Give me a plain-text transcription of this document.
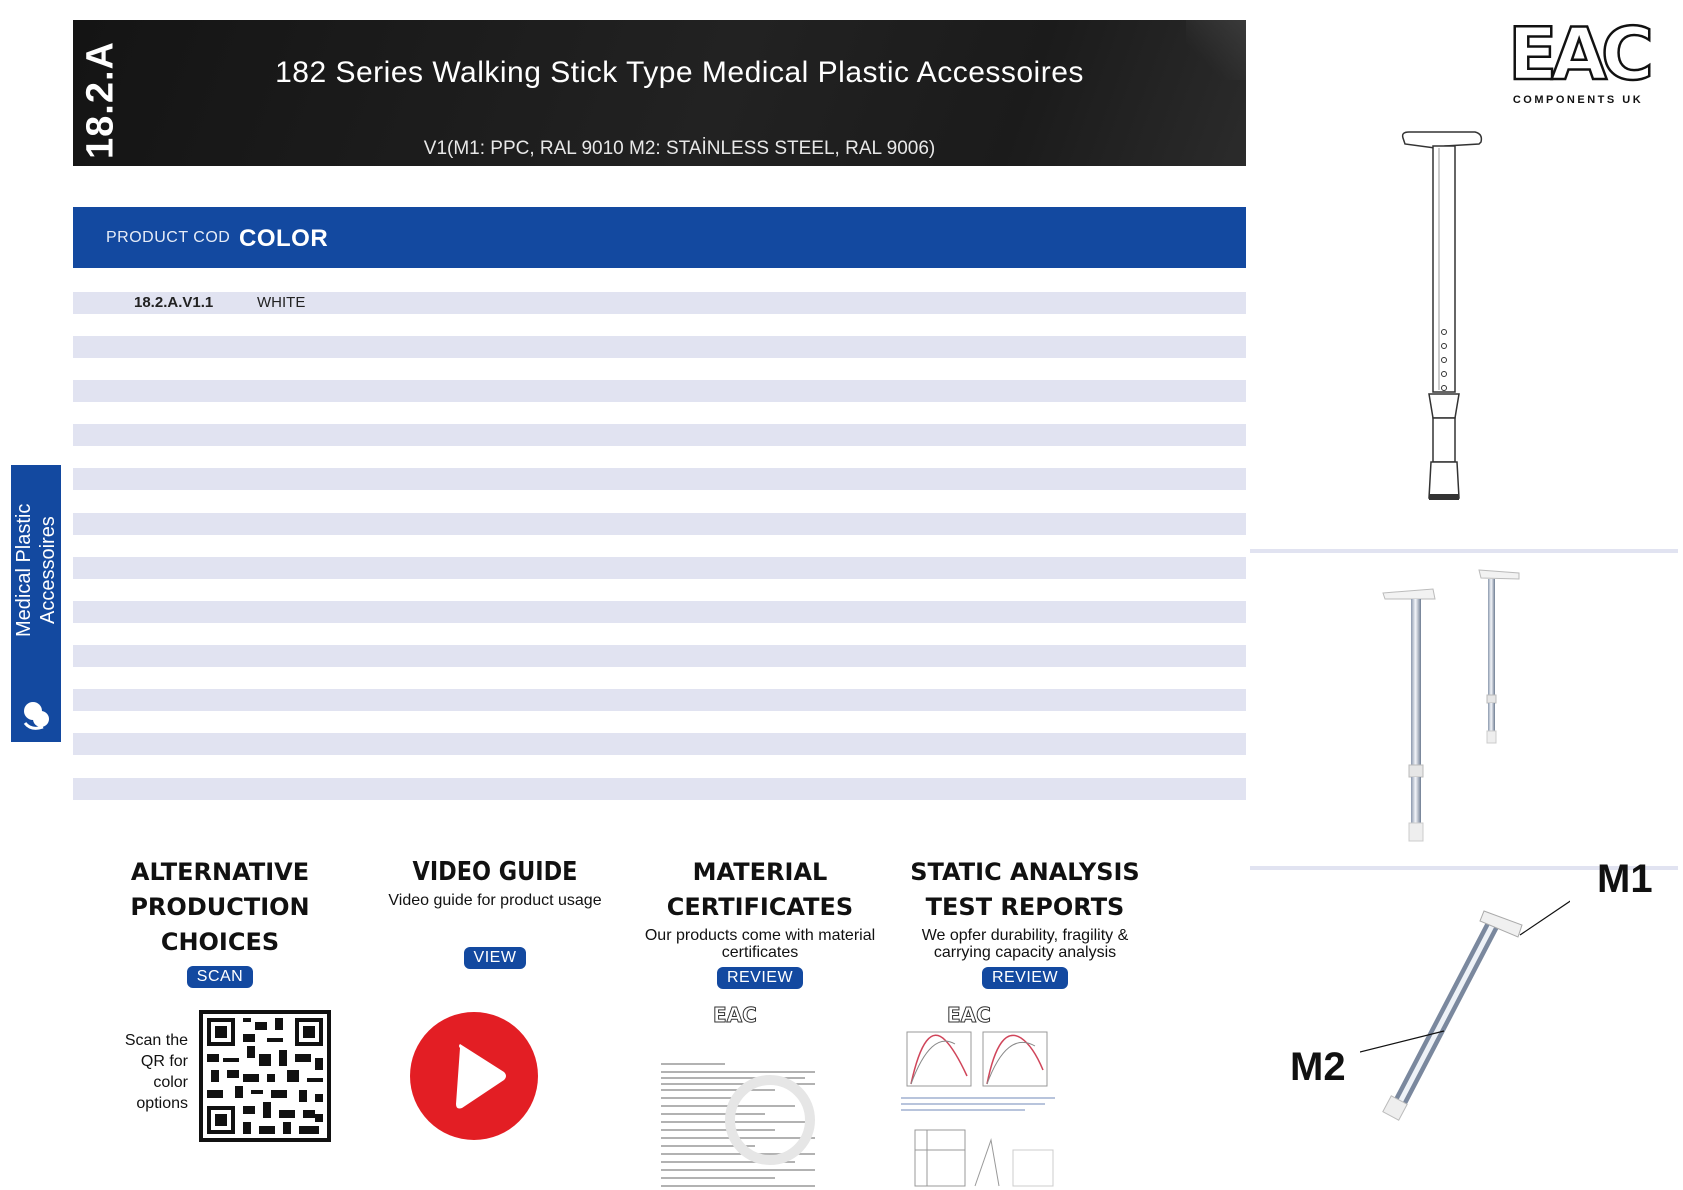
18.2.A	182 Series Walking Stick Type Medical Plastic Accessoires
V1(M1: PPC, RAL 9010 M2: STAİNLESS STEEL, RAL 9006)
PRODUCT COD COLOR
18.2.A.V1.1	WHITE
Medical Plastic Accessoires
EAC
COMPONENTS UK
M1
M2
ALTERNATIVE PRODUCTION CHOICES
SCAN
VIDEO GUIDE
Video guide for product usage
VIEW
MATERIAL CERTIFICATES
Our products come with material certificates
REVIEW
STATIC ANALYSIS TEST REPORTS
We opfer durability, fragility & carrying capacity analysis
REVIEW
Scan the QR for color options
EAC	EAC
